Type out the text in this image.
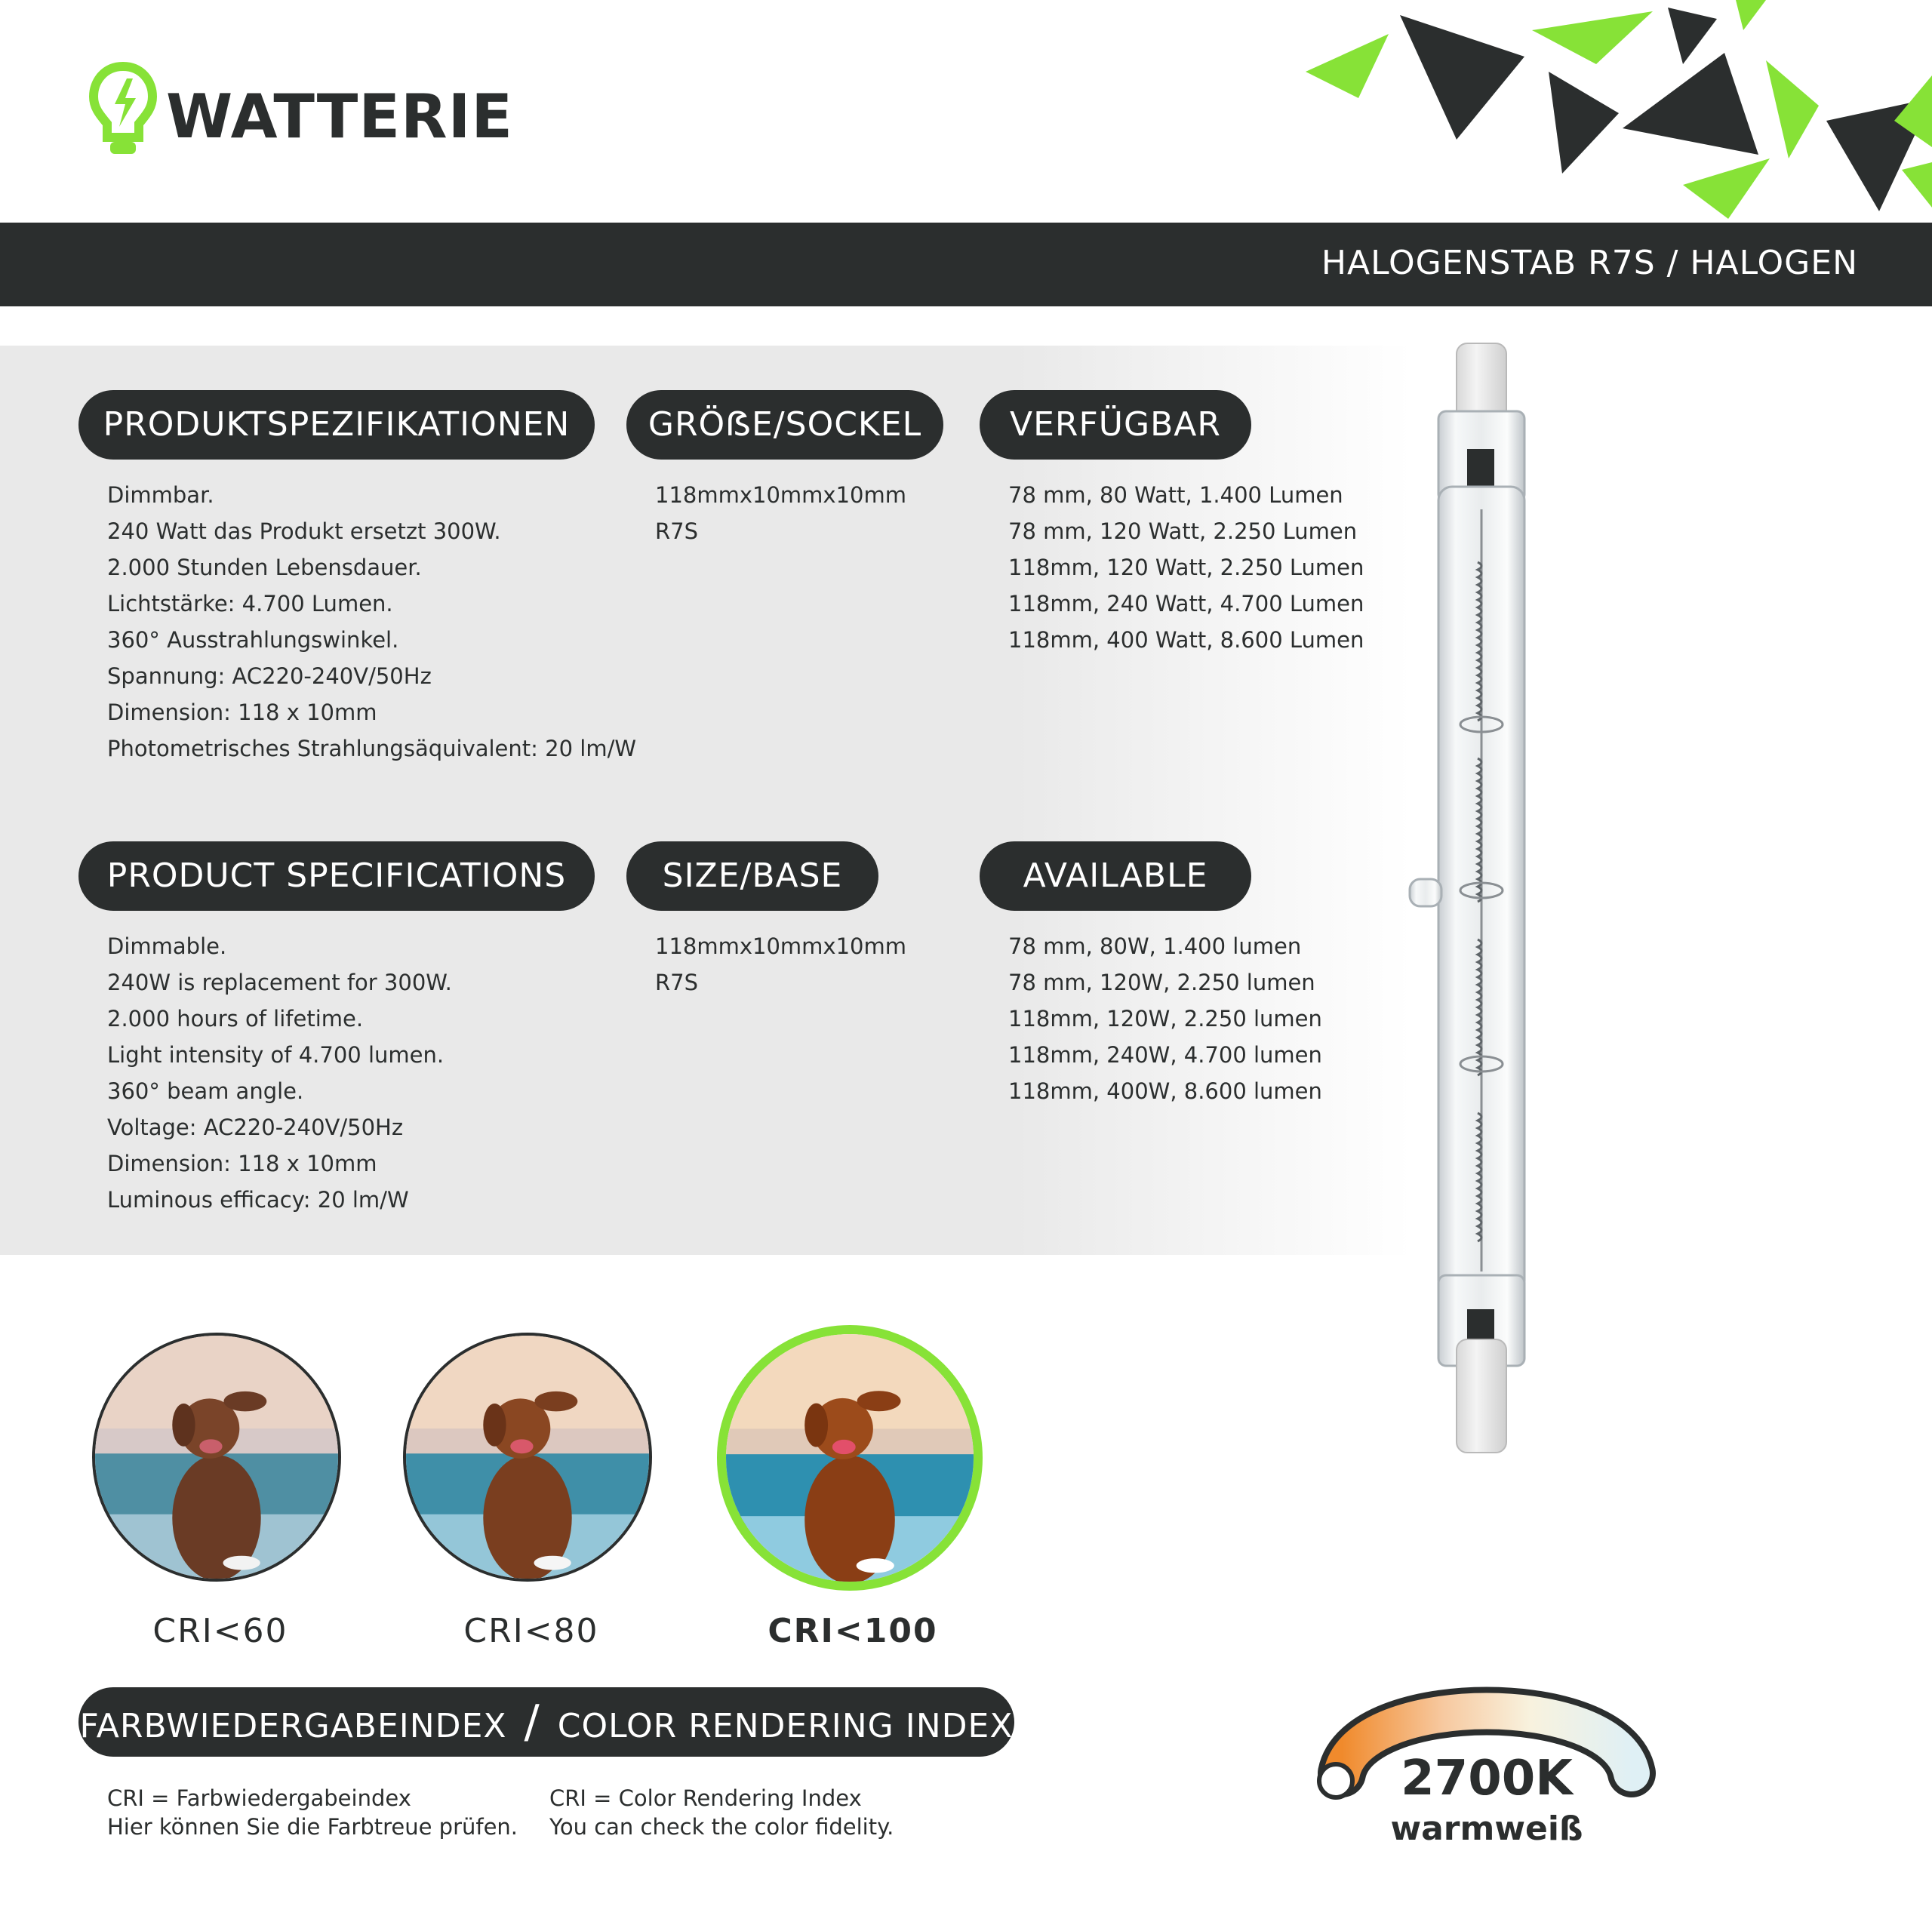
WATTERIE
HALOGENSTAB R7S / HALOGEN
PRODUKTSPEZIFIKATIONEN	GRÖẞE/SOCKEL	VERFÜGBAR
Dimmbar.
240 Watt das Produkt ersetzt 300W.
2.000 Stunden Lebensdauer.
Lichtstärke: 4.700 Lumen.
360° Ausstrahlungswinkel.
Spannung: AC220-240V/50Hz
Dimension: 118 x 10mm
Photometrisches Strahlungsäquivalent: 20 lm/W
118mmx10mmx10mm
R7S
78 mm, 80 Watt, 1.400 Lumen
78 mm, 120 Watt, 2.250 Lumen
118mm, 120 Watt, 2.250 Lumen
118mm, 240 Watt, 4.700 Lumen
118mm, 400 Watt, 8.600 Lumen
PRODUCT SPECIFICATIONS	SIZE/BASE	AVAILABLE
Dimmable.
240W is replacement for 300W.
2.000 hours of lifetime.
Light intensity of 4.700 lumen.
360° beam angle.
Voltage: AC220-240V/50Hz
Dimension: 118 x 10mm
Luminous efficacy: 20 lm/W
118mmx10mmx10mm
R7S
78 mm, 80W, 1.400 lumen
78 mm, 120W, 2.250 lumen
118mm, 120W, 2.250 lumen
118mm, 240W, 4.700 lumen
118mm, 400W, 8.600 lumen
CRI<60	CRI<80	CRI<100
FARBWIEDERGABEINDEX / COLOR RENDERING INDEX
CRI = Farbwiedergabeindex
Hier können Sie die Farbtreue prüfen.
CRI = Color Rendering Index
You can check the color fidelity.
2700K
warmweiß
